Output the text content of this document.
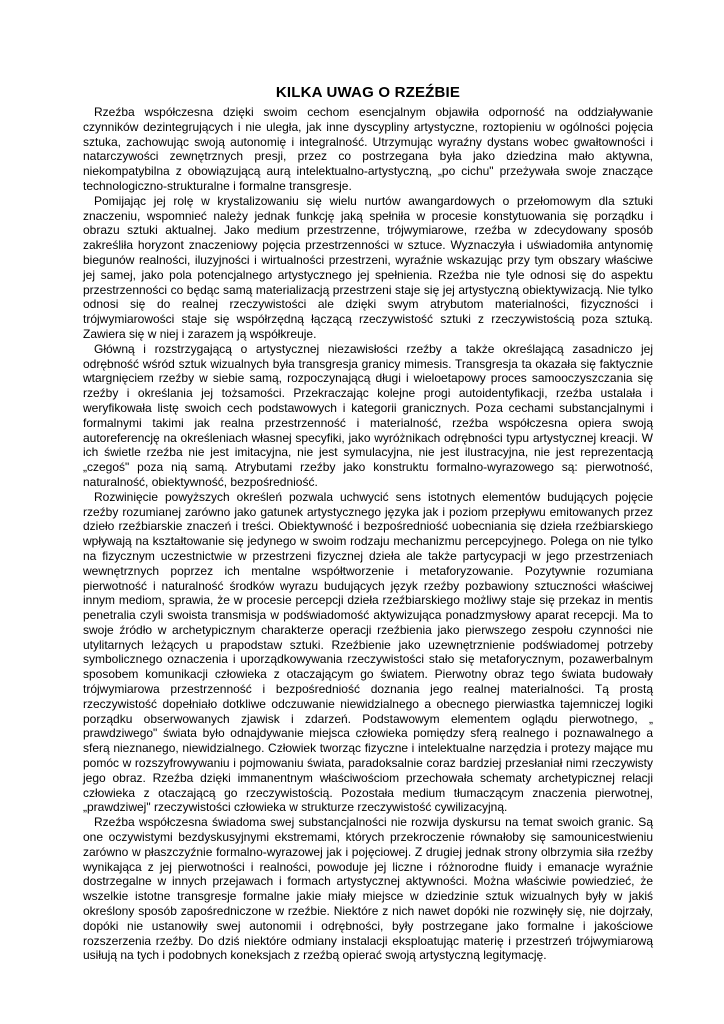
KILKA UWAG O RZEŹBIE

Rzeźba współczesna dzięki swoim cechom esencjalnym objawiła odporność na oddziaływanie czynników dezintegrujących i nie uległa, jak inne dyscypliny artystyczne, roztopieniu w ogólności pojęcia sztuka, zachowując swoją autonomię i integralność. Utrzymując wyraźny dystans wobec gwałtowności i natarczywości zewnętrznych presji, przez co postrzegana była jako dziedzina mało aktywna, niekompatybilna z obowiązującą aurą intelektualno-artystyczną, „po cichu" przeżywała swoje znaczące technologiczno-strukturalne i formalne transgresje.

Pomijając jej rolę w krystalizowaniu się wielu nurtów awangardowych o przełomowym dla sztuki znaczeniu, wspomnieć należy jednak funkcję jaką spełniła w procesie konstytuowania się porządku i obrazu sztuki aktualnej. Jako medium przestrzenne, trójwymiarowe, rzeźba w zdecydowany sposób zakreśliła horyzont znaczeniowy pojęcia przestrzenności w sztuce. Wyznaczyła i uświadomiła antynomię biegunów realności, iluzyjności i wirtualności przestrzeni, wyraźnie wskazując przy tym obszary właściwe jej samej, jako pola potencjalnego artystycznego jej spełnienia. Rzeźba nie tyle odnosi się do aspektu przestrzenności co będąc samą materializacją przestrzeni staje się jej artystyczną obiektywizacją. Nie tylko odnosi się do realnej rzeczywistości ale dzięki swym atrybutom materialności, fizyczności i trójwymiarowości staje się współrzędną łączącą rzeczywistość sztuki z rzeczywistością poza sztuką. Zawiera się w niej i zarazem ją współkreuje.

Główną i rozstrzygającą o artystycznej niezawisłości rzeźby a także określającą zasadniczo jej odrębność wśród sztuk wizualnych była transgresja granicy mimesis. Transgresja ta okazała się faktycznie wtargnięciem rzeźby w siebie samą, rozpoczynającą długi i wieloetapowy proces samooczyszczania się rzeźby i określania jej tożsamości. Przekraczając kolejne progi autoidentyfikacji, rzeźba ustalała i weryfikowała listę swoich cech podstawowych i kategorii granicznych. Poza cechami substancjalnymi i formalnymi takimi jak realna przestrzenność i materialność, rzeźba współczesna opiera swoją autoreferencję na określeniach własnej specyfiki, jako wyróżnikach odrębności typu artystycznej kreacji. W ich świetle rzeźba nie jest imitacyjna, nie jest symulacyjna, nie jest ilustracyjna, nie jest reprezentacją „czegoś" poza nią samą. Atrybutami rzeźby jako konstruktu formalno-wyrazowego są: pierwotność, naturalność, obiektywność, bezpośredniość.

Rozwinięcie powyższych określeń pozwala uchwycić sens istotnych elementów budujących pojęcie rzeźby rozumianej zarówno jako gatunek artystycznego języka jak i poziom przepływu emitowanych przez dzieło rzeźbiarskie znaczeń i treści. Obiektywność i bezpośredniość uobecniania się dzieła rzeźbiarskiego wpływają na kształtowanie się jedynego w swoim rodzaju mechanizmu percepcyjnego. Polega on nie tylko na fizycznym uczestnictwie w przestrzeni fizycznej dzieła ale także partycypacji w jego przestrzeniach wewnętrznych poprzez ich mentalne współtworzenie i metaforyzowanie. Pozytywnie rozumiana pierwotność i naturalność środków wyrazu budujących język rzeźby pozbawiony sztuczności właściwej innym mediom, sprawia, że w procesie percepcji dzieła rzeźbiarskiego możliwy staje się przekaz in mentis penetralia czyli swoista transmisja w podświadomość aktywizująca ponadzmysłowy aparat recepcji. Ma to swoje źródło w archetypicznym charakterze operacji rzeźbienia jako pierwszego zespołu czynności nie utylitarnych leżących u prapodstaw sztuki. Rzeźbienie jako uzewnętrznienie podświadomej potrzeby symbolicznego oznaczenia i uporządkowywania rzeczywistości stało się metaforycznym, pozawerbalnym sposobem komunikacji człowieka z otaczającym go światem. Pierwotny obraz tego świata budowały trójwymiarowa przestrzenność i bezpośredniość doznania jego realnej materialności. Tą prostą rzeczywistość dopełniało dotkliwe odczuwanie niewidzialnego a obecnego pierwiastka tajemniczej logiki porządku obserwowanych zjawisk i zdarzeń. Podstawowym elementem oglądu pierwotnego, „ prawdziwego" świata było odnajdywanie miejsca człowieka pomiędzy sferą realnego i poznawalnego a sferą nieznanego, niewidzialnego. Człowiek tworząc fizyczne i intelektualne narzędzia i protezy mające mu pomóc w rozszyfrowywaniu i pojmowaniu świata, paradoksalnie coraz bardziej przesłaniał nimi rzeczywisty jego obraz. Rzeźba dzięki immanentnym właściwościom przechowała schematy archetypicznej relacji człowieka z otaczającą go rzeczywistością. Pozostała medium tłumaczącym znaczenia pierwotnej, „prawdziwej" rzeczywistości człowieka w strukturze rzeczywistość cywilizacyjną.

Rzeźba współczesna świadoma swej substancjalności nie rozwija dyskursu na temat swoich granic. Są one oczywistymi bezdyskusyjnymi ekstremami, których przekroczenie równałoby się samounicestwieniu zarówno w płaszczyźnie formalno-wyrazowej jak i pojęciowej. Z drugiej jednak strony olbrzymia siła rzeźby wynikająca z jej pierwotności i realności, powoduje jej liczne i różnorodne fluidy i emanacje wyraźnie dostrzegalne w innych przejawach i formach artystycznej aktywności. Można właściwie powiedzieć, że wszelkie istotne transgresje formalne jakie miały miejsce w dziedzinie sztuk wizualnych były w jakiś określony sposób zapośredniczone w rzeźbie. Niektóre z nich nawet dopóki nie rozwinęły się, nie dojrzały, dopóki nie ustanowiły swej autonomii i odrębności, były postrzegane jako formalne i jakościowe rozszerzenia rzeźby. Do dziś niektóre odmiany instalacji eksploatując materię i przestrzeń trójwymiarową usiłują na tych i podobnych koneksjach z rzeźbą opierać swoją artystyczną legitymację.
